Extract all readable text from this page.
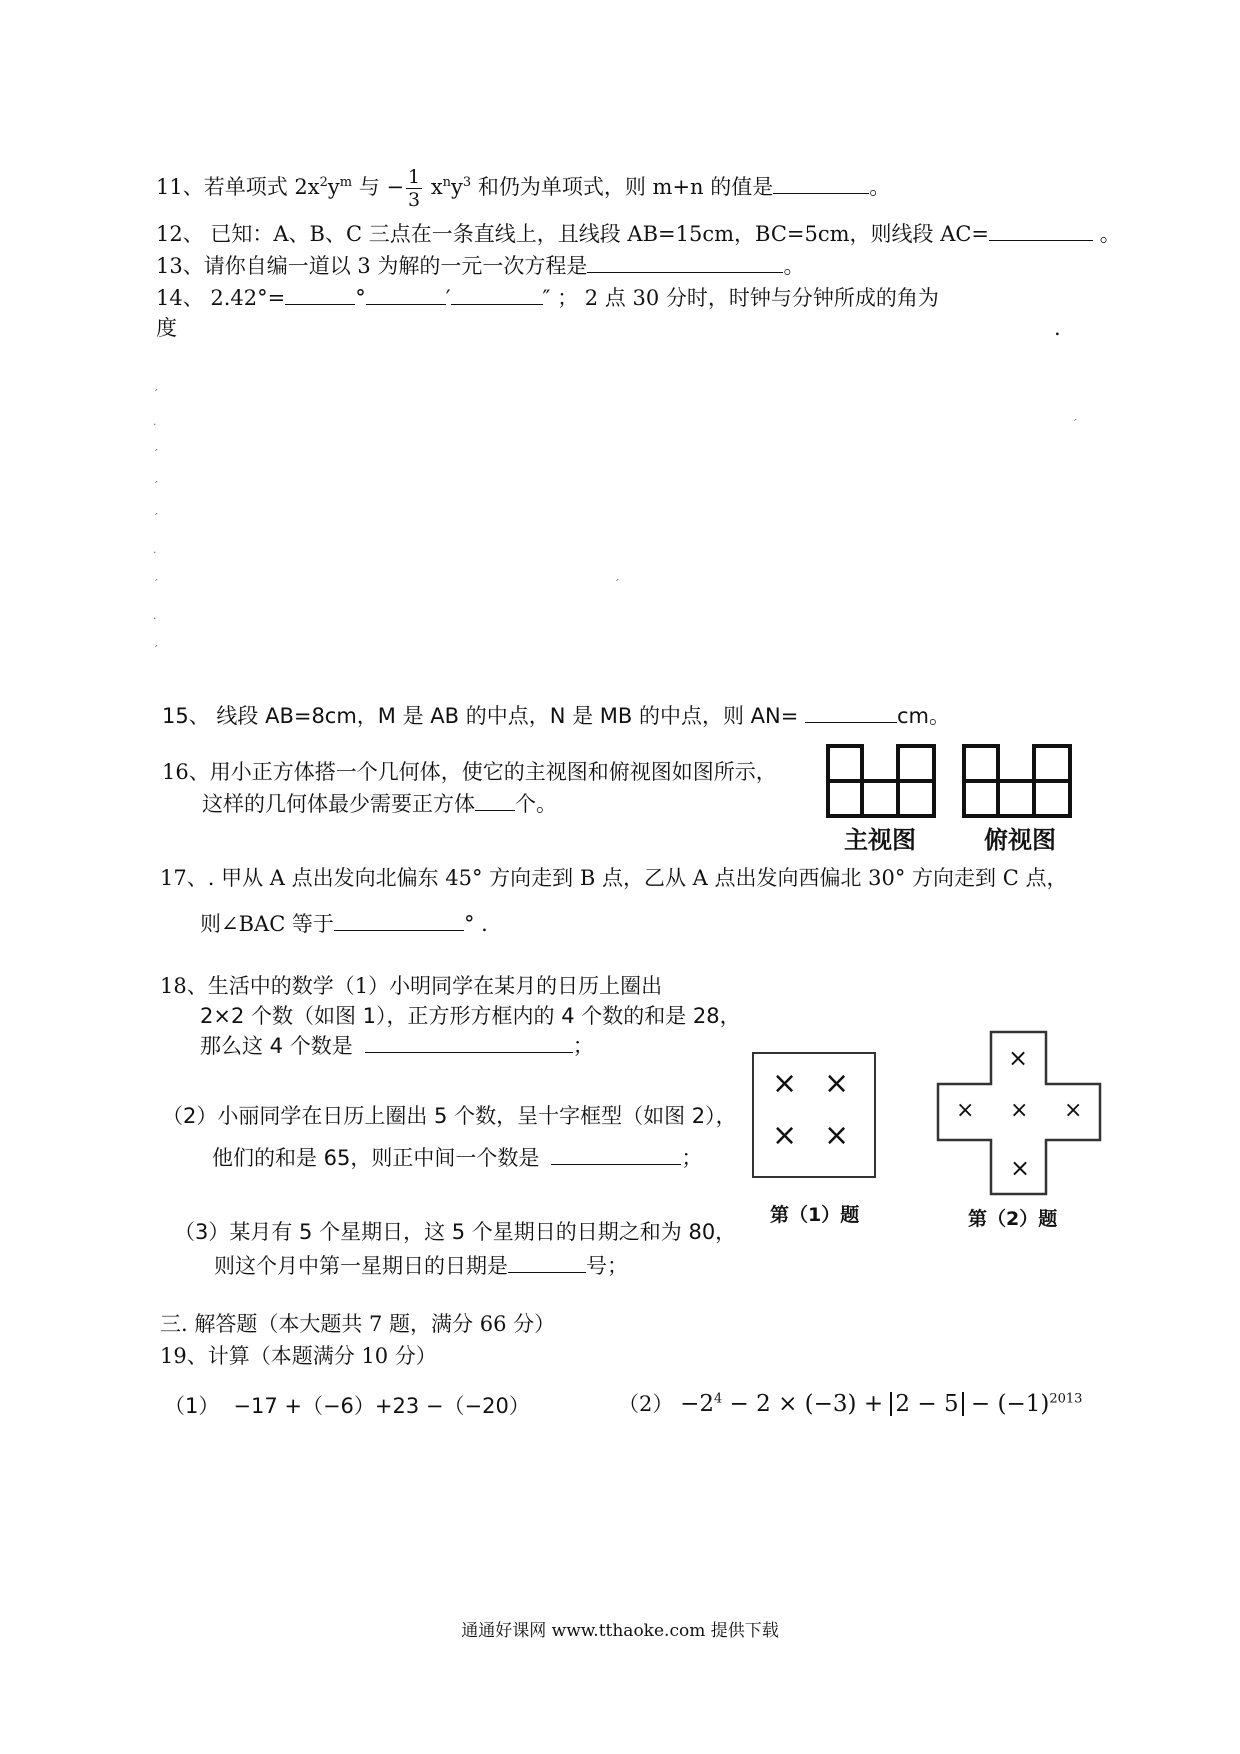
11、若单项式 $2x^2y^m$ 与 − $\frac{1}{3} x^ny^3$ 和仍为单项式，则 m+n 的值是	。
12、 已知：A、B、C 三点在一条直线上，且线段 AB=15cm，BC=5cm，则线段 AC=	。
13、请你自编一道以 3 为解的一元一次方程是	。
14、 2.42°=	°	′	″ ； 2 点 30 分时，时钟与分钟所成的角为
度	.
ˊ
·	ˊ
ˊ
ˊ
ˊ
·
ˊ	ˊ
·
ˊ
15、 线段 AB=8cm，M 是 AB 的中点，N 是 MB 的中点，则 AN=	cm。
16、用小正方体搭一个几何体，使它的主视图和俯视图如图所示，
这样的几何体最少需要正方体 个。
主视图	俯视图
17、. 甲从 A 点出发向北偏东 45° 方向走到 B 点，乙从 A 点出发向西偏北 30° 方向走到 C 点，
则∠BAC 等于	° .
18、生活中的数学（1）小明同学在某月的日历上圈出
2×2 个数（如图 1），正方形方框内的 4 个数的和是 28，
那么这 4 个数是	；
（2）小丽同学在日历上圈出 5 个数，呈十字框型（如图 2），
他们的和是 65，则正中间一个数是	；
（3）某月有 5 个星期日，这 5 个星期日的日期之和为 80，
则这个月中第一星期日的日期是	号；
× ×
× ×
第（1）题
×
× × ×
×
第（2）题
三. 解答题（本大题共 7 题，满分 66 分）
19、计算（本题满分 10 分）
（1） −17 +（−6）+23 −（−20）	$(2) -2^4 - 2 \times (-3) + 2 - 5 - (-1)^{2013}$
通通好课网 www.tthaoke.com 提供下载
